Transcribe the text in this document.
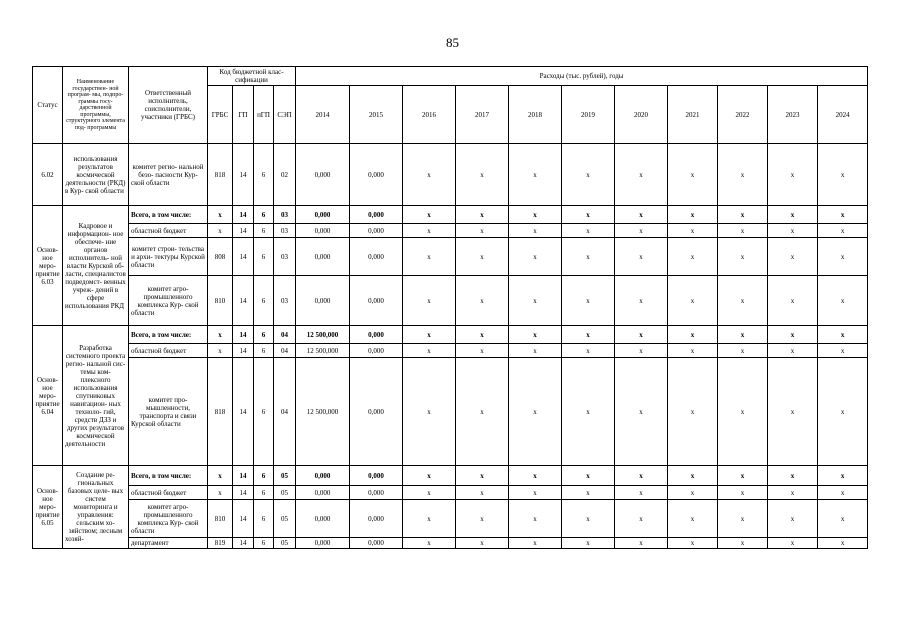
85
Статус	Наименование государствен- ной програм- мы, подпро- граммы госу- дарственной программы, структурного элемента под- программы	Ответственный исполнитель, соисполнители, участники (ГРБС)	Код бюджетной клас- сификации				Расходы (тыс. рублей), годы										
			ГРБС	ГП	пГП	СЭП	2014	2015	2016	2017	2018	2019	2020	2021	2022	2023	2024
6.02	использования результатов космической деятельности (РКД) в Кур- ской области	комитет регио- нальной безо- пасности Кур- ской области	818	14	6	02	0,000	0,000	x	x	x	x	x	x	x	x	x
Основ- ное меро- приятие 6.03	Кадровое и информацион- ное обеспече- ние органов исполнитель- ной власти Курской об- ласти, специалистов подведомст- венных учреж- дений в сфере использования РКД	Всего, в том числе:	x	14	6	03	0,000	0,000	x	x	x	x	x	x	x	x	x
		областной бюджет	x	14	6	03	0,000	0,000	x	x	x	x	x	x	x	x	x
		комитет строи- тельства и архи- тектуры Курской области	808	14	6	03	0,000	0,000	x	x	x	x	x	x	x	x	x
		комитет агро- промышленного комплекса Кур- ской области	810	14	6	03	0,000	0,000	x	x	x	x	x	x	x	x	x
Основ- ное меро- приятие 6.04	Разработка системного проекта регио- нальной сис- темы ком- плексного использования спутниковых навигацион- ных техноло- гий, средств ДЗЗ и других результатов космической деятельности	Всего, в том числе:	x	14	6	04	12 500,000	0,000	x	x	x	x	x	x	x	x	x
		областной бюджет	x	14	6	04	12 500,000	0,000	x	x	x	x	x	x	x	x	x
		комитет про- мышленности, транспорта и связи Курской области	818	14	6	04	12 500,000	0,000	x	x	x	x	x	x	x	x	x
Основ- ное меро- приятие 6.05	Создание ре- гиональных базовых целе- вых систем мониторинга и управления: сельским хо- зяйством; лесным хозяй-	Всего, в том числе:	x	14	6	05	0,000	0,000	x	x	x	x	x	x	x	x	x
		областной бюджет	x	14	6	05	0,000	0,000	x	x	x	x	x	x	x	x	x
		комитет агро- промышленного комплекса Кур- ской области	810	14	6	05	0,000	0,000	x	x	x	x	x	x	x	x	x
		департамент	819	14	6	05	0,000	0,000	x	x	x	x	x	x	x	x	x
